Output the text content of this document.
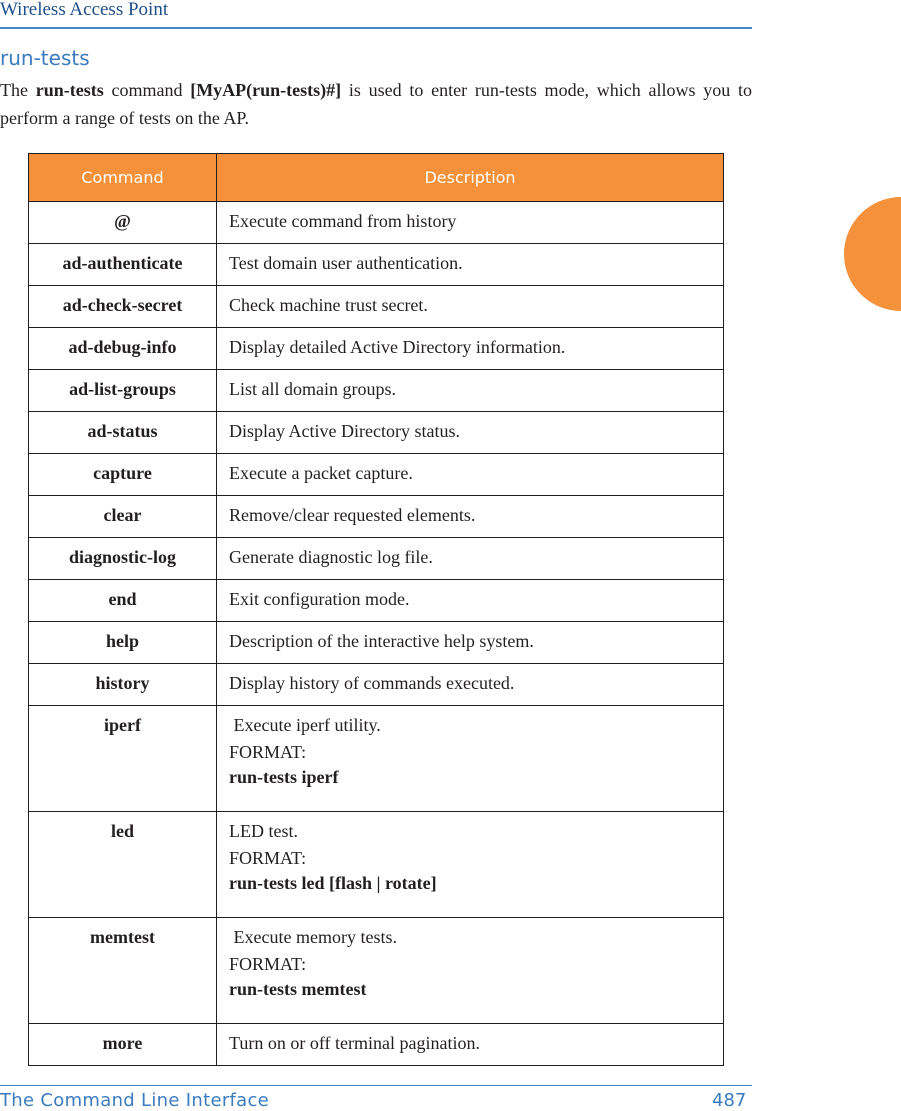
Wireless Access Point
run-tests
The run-tests command [MyAP(run-tests)#] is used to enter run-tests mode, which allows you to perform a range of tests on the AP.
Command	Description
@	Execute command from history
ad-authenticate	Test domain user authentication.
ad-check-secret	Check machine trust secret.
ad-debug-info	Display detailed Active Directory information.
ad-list-groups	List all domain groups.
ad-status	Display Active Directory status.
capture	Execute a packet capture.
clear	Remove/clear requested elements.
diagnostic-log	Generate diagnostic log file.
end	Exit configuration mode.
help	Description of the interactive help system.
history	Display history of commands executed.
iperf	Execute iperf utility.
FORMAT:
run-tests iperf

led	LED test.
FORMAT:
run-tests led [flash | rotate]

memtest	Execute memory tests.
FORMAT:
run-tests memtest

more	Turn on or off terminal pagination.
The Command Line Interface	487
